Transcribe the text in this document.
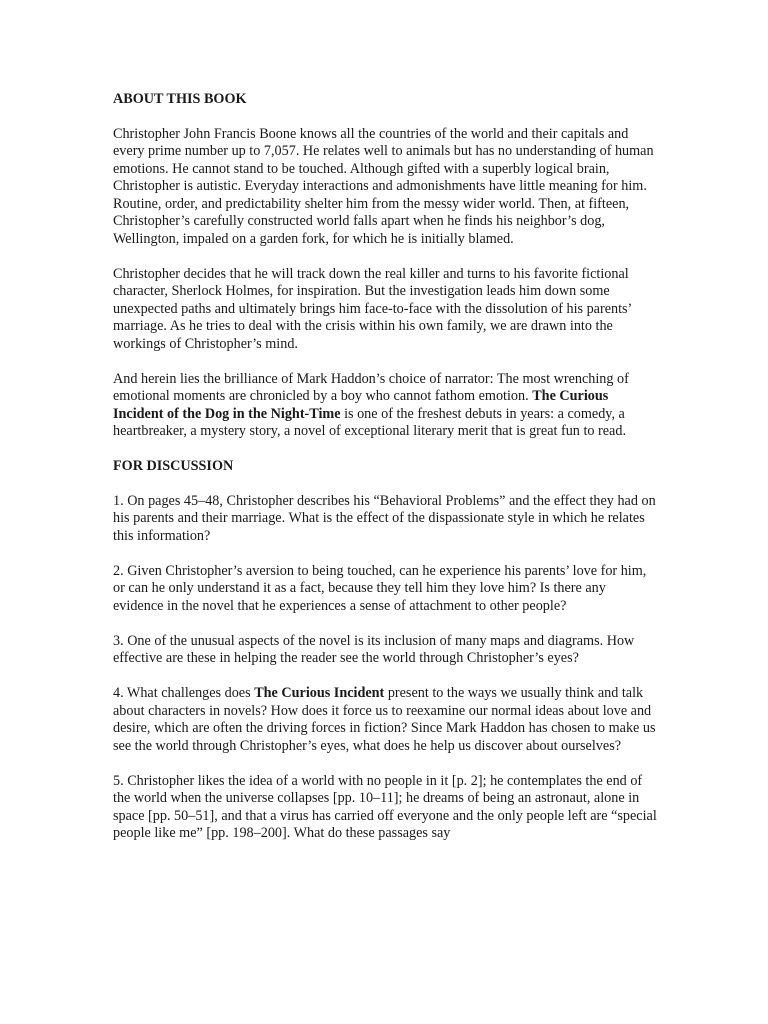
ABOUT THIS BOOK

Christopher John Francis Boone knows all the countries of the world and their capitals and every prime number up to 7,057. He relates well to animals but has no understanding of human emotions. He cannot stand to be touched. Although gifted with a superbly logical brain, Christopher is autistic. Everyday interactions and admonishments have little meaning for him. Routine, order, and predictability shelter him from the messy wider world. Then, at fifteen, Christopher’s carefully constructed world falls apart when he finds his neighbor’s dog, Wellington, impaled on a garden fork, for which he is initially blamed.

Christopher decides that he will track down the real killer and turns to his favorite fictional character, Sherlock Holmes, for inspiration. But the investigation leads him down some unexpected paths and ultimately brings him face-to-face with the dissolution of his parents’ marriage. As he tries to deal with the crisis within his own family, we are drawn into the workings of Christopher’s mind.

And herein lies the brilliance of Mark Haddon’s choice of narrator: The most wrenching of emotional moments are chronicled by a boy who cannot fathom emotion. The Curious Incident of the Dog in the Night-Time is one of the freshest debuts in years: a comedy, a heartbreaker, a mystery story, a novel of exceptional literary merit that is great fun to read.

FOR DISCUSSION

1. On pages 45–48, Christopher describes his “Behavioral Problems” and the effect they had on his parents and their marriage. What is the effect of the dispassionate style in which he relates this information?

2. Given Christopher’s aversion to being touched, can he experience his parents’ love for him, or can he only understand it as a fact, because they tell him they love him? Is there any evidence in the novel that he experiences a sense of attachment to other people?

3. One of the unusual aspects of the novel is its inclusion of many maps and diagrams. How effective are these in helping the reader see the world through Christopher’s eyes?

4. What challenges does The Curious Incident present to the ways we usually think and talk about characters in novels? How does it force us to reexamine our normal ideas about love and desire, which are often the driving forces in fiction? Since Mark Haddon has chosen to make us see the world through Christopher’s eyes, what does he help us discover about ourselves?

5. Christopher likes the idea of a world with no people in it [p. 2]; he contemplates the end of the world when the universe collapses [pp. 10–11]; he dreams of being an astronaut, alone in space [pp. 50–51], and that a virus has carried off everyone and the only people left are “special people like me” [pp. 198–200]. What do these passages say
